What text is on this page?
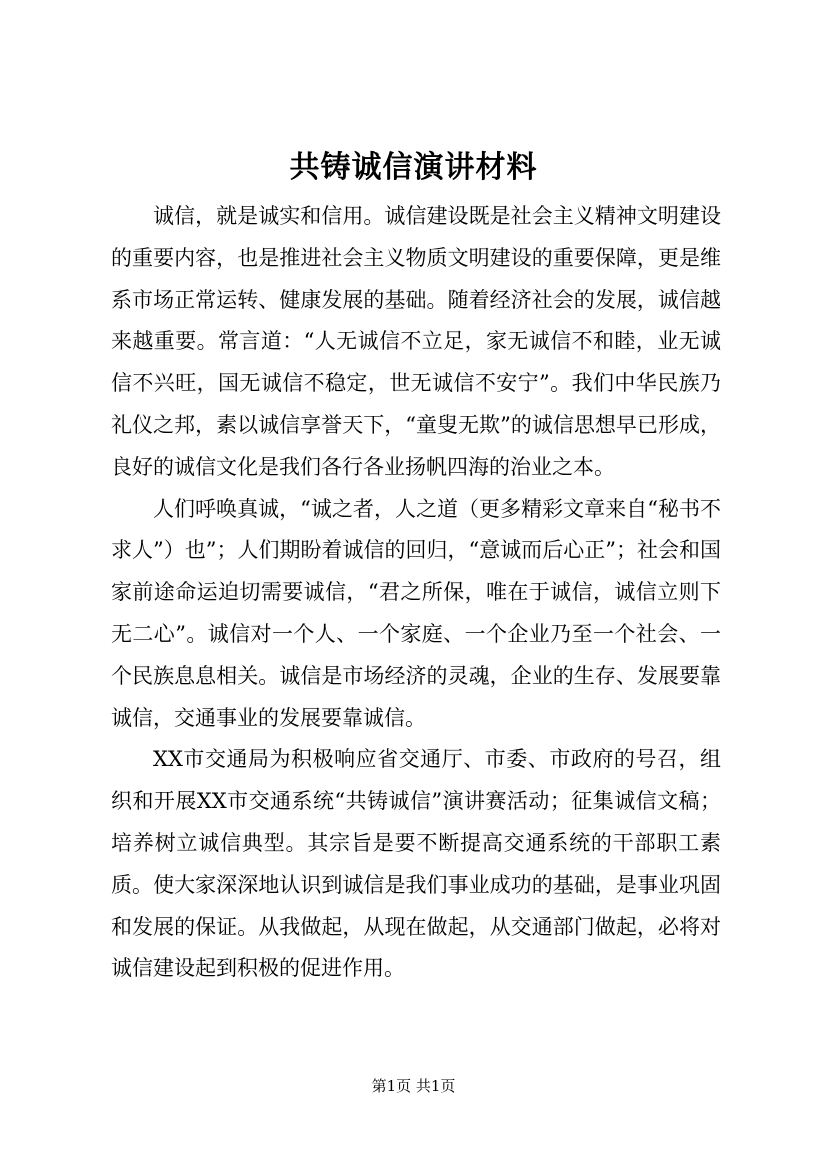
共铸诚信演讲材料

诚信，就是诚实和信用。诚信建设既是社会主义精神文明建设的重要内容，也是推进社会主义物质文明建设的重要保障，更是维系市场正常运转、健康发展的基础。随着经济社会的发展，诚信越来越重要。常言道：“人无诚信不立足，家无诚信不和睦，业无诚信不兴旺，国无诚信不稳定，世无诚信不安宁”。我们中华民族乃礼仪之邦，素以诚信享誉天下，“童叟无欺”的诚信思想早已形成，良好的诚信文化是我们各行各业扬帆四海的治业之本。

人们呼唤真诚，“诚之者，人之道（更多精彩文章来自“秘书不求人”）也”；人们期盼着诚信的回归，“意诚而后心正”；社会和国家前途命运迫切需要诚信，“君之所保，唯在于诚信，诚信立则下无二心”。诚信对一个人、一个家庭、一个企业乃至一个社会、一个民族息息相关。诚信是市场经济的灵魂，企业的生存、发展要靠诚信，交通事业的发展要靠诚信。

XX市交通局为积极响应省交通厅、市委、市政府的号召，组织和开展XX市交通系统“共铸诚信”演讲赛活动；征集诚信文稿；培养树立诚信典型。其宗旨是要不断提高交通系统的干部职工素质。使大家深深地认识到诚信是我们事业成功的基础，是事业巩固和发展的保证。从我做起，从现在做起，从交通部门做起，必将对诚信建设起到积极的促进作用。

第1页 共1页
